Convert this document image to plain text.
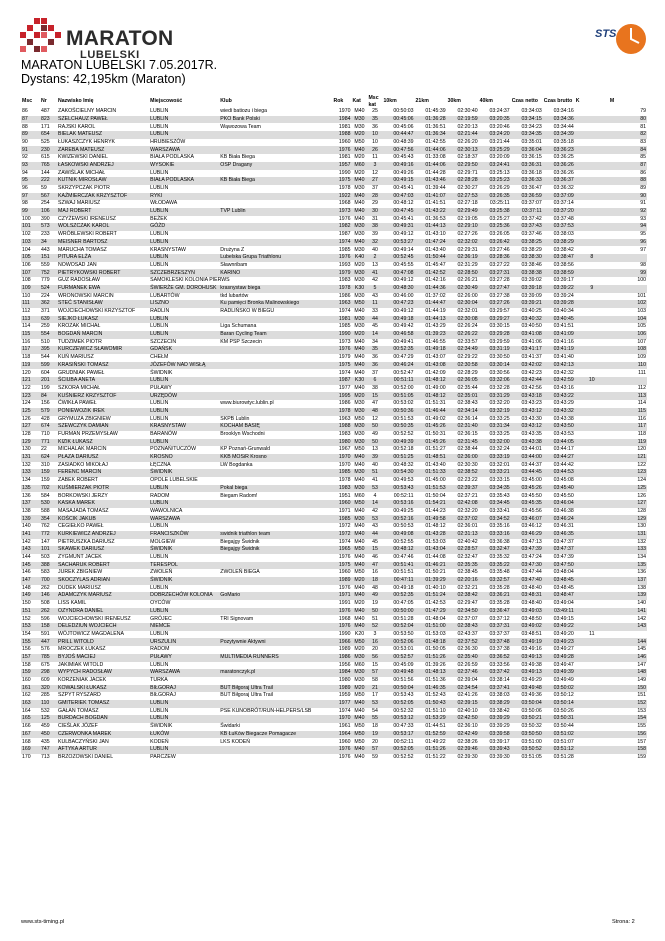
MARATON
LUBELSKI
STS
MARATON LUBELSKI 7.05.2017R.
Dystans: 42,195km (Maraton)
Msc	Nr	Nazwisko Imię	Miejscowość	Klub	Rok	Kat	Msc kat	10km	21km	30km	40km	Czas netto	Czas brutto	K	M
86	487	ZAKOŚCIELNY MARCIN	LUBLIN	wiedi batiozu i biega	1970	M40	25	00:50:03	01:45:39	02:30:40	03:24:37	03:34:03	03:34:16		79
87	823	SZELCHAUZ PAWEŁ	LUBLIN	PKO Bank Polski	1984	M30	35	00:45:06	01:36:28	02:19:59	03:20:35	03:34:15	03:34:36		80
88	171	RAJSKI KAROL	LUBLIN	Wąwozowa Team	1981	M30	36	00:45:06	01:36:51	02:20:13	03:20:46	03:34:23	03:34:44		81
89	654	BIELAK MATEUSZ	LUBLIN		1988	M20	10	00:44:47	01:36:34	02:21:44	03:24:20	03:34:35	03:34:39		82
90	525	ŁUKASZCZYK HENRYK	HRUBIESZÓW		1960	M50	10	00:48:39	01:42:55	02:26:20	03:21:44	03:35:01	03:35:18		83
91	230	ZAREBA MATEUSZ	WARSZAWA		1976	M40	26	00:47:56	01:44:06	02:30:13	03:25:29	03:36:04	03:36:23		84
92	615	KWIZEWSKI DANIEL	BIAŁA PODLASKA	KB Biała Biega	1981	M20	11	00:45:43	01:33:08	02:18:37	03:20:09	03:36:15	03:36:25		85
93	765	ŁASKOWSKI ANDRZEJ	WYSOKIE	OSP Dragany	1957	M60	3	00:49:16	01:44:06	02:29:50	03:24:41	03:36:31	03:36:26		87
94	144	ZAWIŚLAK MICHAŁ	LUBLIN		1990	M20	12	00:49:26	01:44:28	02:29:71	03:25:13	03:36:18	03:36:26		86
95	222	KUTNIK MIROSŁAW	BIAŁA PODLASKA	KB Biała Biega	1975	M40	27	00:49:15	01:43:46	02:28:28	03:25:23	03:36:33	03:36:37		88
96	59	SKRZYPCZAK PIOTR	LUBLIN		1978	M30	37	00:45:41	01:39:44	02:30:27	03:26:29	03:36:47	03:36:32		89
97	567	KAŹMIERCZAK KRZYSZTOF	RYKI		1922	M40	28	00:47:03	01:41:07	02:27:53	03:26:35	03:36:59	03:37:09		90
98	254	SZWAJ MARIUSZ	WŁODAWA		1968	M40	29	00:48:12	01:41:51	02:27:18	03:25:11	03:37:07	03:37:14		91
99	106	MAJ ROBERT	LUBLIN	TVP Lublin	1973	M40	30	00:47:45	01:43:22	02:29:49	03:25:38	03:37:11	03:37:20		92
100	390	CZYŻEWSKI IRENEUSZ	BEŻEK		1976	M40	31	00:45:41	01:36:53	02:19:05	03:25:27	03:37:42	03:37:48		93
101	573	WOLSZCZAK KAROL	GÓŻD		1982	M30	38	00:49:31	01:44:13	02:29:10	03:25:36	03:37:43	03:37:53		94
102	233	WRÓBLEWSKI ROBERT	LUBLIN		1987	M30	39	00:49:12	01:43:10	02:27:26	03:26:05	03:37:46	03:38:03		95
103	34	MEISNER BARTOSZ	LUBLIN		1974	M40	32	00:53:27	01:47:24	02:32:02	03:26:42	03:38:25	03:38:29		96
104	443	MARUCHA TOMASZ	KRASNYSTAW	Drużyna Z	1985	M30	40	00:49:14	01:43:40	02:29:31	03:27:46	03:38:29	03:38:42		97
105	151	PITURA ELŻA	LUBLIN	Lubelska Grupa Triathlonu	1976	K40	2	00:52:45	01:50:44	02:36:19	03:28:36	03:38:30	03:38:47	8	
106	559	NOWOSAD JAN	LUBLIN	Sławnribam	1993	M20	13	00:45:55	01:45:47	02:31:29	03:27:22	03:38:46	03:38:56		98
107	752	PIETRYKOWSKI ROBERT	SZCZEBRZESZYN	KARINO	1979	M30	41	00:47:08	01:42:52	02:28:50	03:27:31	03:38:38	03:38:59		99
108	779	GUZ RADOSŁAW	SAMOKLESKI KOLONIA PIERWS		1983	M30	42	00:49:12	01:42:16	02:26:21	03:27:28	03:39:02	03:39:17		100
109	524	FURMANEK EWA	ŚWIERŻE GM. DOROHUSK	krasnystaw biega	1978	K30	5	00:48:30	01:44:36	02:30:49	03:27:47	03:39:18	03:39:22	9	
110	224	WRONOWSKI MARCIN	LUBARTÓW	tkd lubartów	1986	M30	43	00:46:00	01:37:02	02:26:00	03:27:38	03:39:09	03:39:24		101
111	362	STEĆ STANISŁAW	LISZNO	Ku pamięci Bronka Malinowskiego	1963	M50	11	00:47:23	01:44:47	02:30:04	03:27:26	03:39:21	03:39:28		102
112	371	WOJCIECHOWSKI KRZYSZTOF	RADLIN	RADLIŃSKO W BIEGU	1974	M40	33	00:49:12	01:44:19	02:32:01	03:29:57	03:40:25	03:40:34		103
113	639	SIEJKO ŁUKASZ	LUBLIN		1981	M30	44	00:49:18	01:44:13	02:30:08	03:29:27	03:40:32	03:40:45		104
114	259	KROZAK MICHAŁ	LUBLIN	Liga Schumana	1985	M30	45	00:49:42	01:43:29	02:26:24	03:30:15	03:40:50	03:41:51		105
115	554	BOGDAŃ MARCIN	LUBLIN	Baran Cycling Team	1990	M20	14	00:46:58	01:39:23	02:26:22	03:29:28	03:41:08	03:41:09		106
116	510	TUDZIMEK PIOTR	SZCZECIN	KM PSP Szczecin	1973	M40	34	00:49:41	01:46:55	02:33:57	03:29:59	03:41:06	03:41:16		107
117	395	KURCZEWICZ SŁAWOMIR	GDAŃSK		1976	M40	35	00:52:35	01:49:18	02:34:49	03:31:19	03:41:17	03:41:19		108
118	544	KUŃ MARIUSZ	CHEŁM		1979	M40	36	00:47:29	01:43:07	02:29:22	03:30:50	03:41:37	03:41:40		109
119	599	KRASIŃSKI TOMASZ	JÓZEFÓW NAD WISŁĄ		1975	M40	36	00:46:24	01:43:08	02:30:58	03:30:14	03:42:02	03:42:13		110
120	604	GRUDNIAK PAWEŁ	ŚWIDNIK		1974	M40	37	00:52:47	01:42:09	02:28:29	03:30:56	03:42:23	03:42:32		111
121	201	ŚCIUBA ANETA	LUBLIN		1987	K30	6	00:51:11	01:48:12	02:36:05	03:32:06	03:42:44	03:42:59	10	
122	199	SZKORA MICHAŁ	PUŁAWY		1977	M40	38	00:52:00	01:49:00	02:35:44	03:32:28	03:42:56	03:43:16		112
123	84	KUŚNIERZ KRZYSZTOF	URZĘDÓW		1995	M20	15	00:51:05	01:48:12	02:35:01	03:31:29	03:43:18	03:43:22		113
124	156	ĆWIKŁA PAWEŁ	LUBLIN	www.biurowtyc.lublin.pl	1986	M30	47	00:53:02	01:51:31	02:38:43	03:32:20	03:43:23	03:43:29		114
125	579	PONIEWOZIK IREK	LUBLIN		1978	M30	48	00:50:36	01:46:44	02:34:14	03:32:19	03:43:12	03:43:32		115
126	428	GRYMUZA ZBIGNIEW	LUBLIN	SKPB Lublin	1963	M50	12	00:51:53	01:49:02	02:36:14	03:33:25	03:43:30	03:43:38		116
127	674	SZEWCZYK DAMIAN	KRASNYSTAW	KOCHAM BASIĘ	1988	M30	50	00:50:35	01:45:26	02:31:40	03:31:34	03:43:12	03:43:50		117
128	710	FURMAN PRZEMYSŁAW	BARANÓW	Brooklyn Wschodni	1983	M30	49	00:52:52	01:50:31	02:36:15	03:33:25	03:43:35	03:43:53		118
129	771	KIZIK ŁUKASZ	LUBLIN		1980	M30	50	00:49:39	01:45:26	02:31:45	03:32:00	03:43:38	03:44:05		119
130	22	MICHALAK MARCIN	POZNAŃ/TUCZÓW	KP Poznań-Grunwald	1967	M50	13	00:52:18	01:51:27	02:38:44	03:32:24	03:44:01	03:44:17		120
131	624	PŁAZA DARIUSZ	KROSNO	KKB MOSiR Krosno	1970	M40	39	00:51:25	01:48:51	02:36:00	03:33:19	03:44:00	03:44:27		121
132	310	ZASIADKO MIKOŁAJ	ŁĘCZNA	LW Bogdanka	1970	M40	40	00:48:32	01:43:40	02:30:30	03:32:01	03:44:37	03:44:42		122
133	159	FERENC MARCIN	ŚWIDNIK		1985	M30	51	00:54:30	01:51:33	02:38:52	03:33:21	03:44:45	03:44:53		123
134	159	ZABEK ROBERT	OPOLE LUBELSKIE		1978	M40	41	00:49:53	01:45:00	02:23:22	03:33:15	03:45:00	03:45:08		124
135	702	KUŚMIERZAK PIOTR	LUBLIN	Pokal biega	1983	M30	53	00:53:43	01:51:53	02:39:37	03:34:35	03:45:26	03:45:40		125
136	584	BORKOWSKI JERZY	RADOM	Biegam Radom!	1951	M60	4	00:52:11	01:50:04	02:37:21	03:35:43	03:45:50	03:45:50		126
137	530	KASKA MAREK	LUBLIN		1960	M50	14	00:53:16	01:54:21	02:42:08	03:34:45	03:45:35	03:46:04		127
138	588	MASAJADA TOMASZ	WAWOLNICA		1971	M40	42	00:49:25	01:44:23	02:32:20	03:33:41	03:45:56	03:46:38		128
139	354	KOŚCIK JAKUB	WARSZAWA		1985	M30	53	00:52:16	01:49:58	02:37:02	03:34:52	03:46:07	03:46:24		129
140	762	CEGIEŁKO PAWEŁ	LUBLIN		1972	M40	43	00:50:53	01:48:12	02:36:01	03:35:16	03:46:12	03:46:31		130
141	772	KURKIEWICZ ANDRZEJ	FRANCISZKÓW	swidnik triathlon team	1972	M40	44	00:49:08	01:43:28	02:31:13	03:33:16	03:46:29	03:46:35		131
142	147	PIETRUSZKA DARIUSZ	MOLGIEW	Biegajgy Świdnik	1974	M40	45	00:52:55	01:53:03	02:40:42	03:36:38	03:47:13	03:47:37		132
143	101	SKAWEK DARIUSZ	ŚWIDNIK	Biegajgy Świdnik	1965	M50	15	00:48:12	01:43:04	02:28:57	03:32:47	03:47:39	03:47:37		133
144	503	ZYGMUNT JACEK	LUBLIN		1976	M40	46	00:47:46	01:44:08	02:32:47	03:35:32	03:47:24	03:47:39		134
145	388	SACHARUK ROBERT	TERESPOL		1975	M40	47	00:51:41	01:46:21	02:35:35	03:35:22	03:47:30	03:47:50		135
146	583	JUREK ZBIGNIEW	ZWOLEŃ	ZWOLEŃ BIEGA	1960	M50	16	00:51:51	01:50:21	02:38:45	03:35:48	03:47:44	03:48:04		136
147	700	SKOCZYLAS ADRIAN	ŚWIDNIK		1989	M20	18	00:47:11	01:39:29	02:20:16	03:32:57	03:47:40	03:48:45		137
148	262	DUDEK MARIUSZ	LUBLIN		1976	M40	48	00:49:18	01:40:10	02:32:21	03:35:28	03:48:40	03:48:45		138
149	146	ADAMCZYK MARIUSZ	DOBRZECHÓW KOLONIA	GoMario	1971	M40	49	00:52:35	01:51:24	02:38:42	03:36:21	03:48:31	03:48:47		139
150	508	LISS KAMIL	OYCÓW		1991	M20	19	00:47:05	01:42:53	02:29:47	03:35:28	03:48:40	03:49:04		140
151	262	OZYNDRA DANIEL	LUBLIN		1976	M40	50	00:50:00	01:47:29	02:34:50	03:36:47	03:49:03	03:49:11		141
152	596	WOJCIECHOWSKI IRENEUSZ	GRÓJEC	TRI Signovam	1968	M40	51	00:51:28	01:48:04	02:37:07	03:37:12	03:48:50	03:49:15		142
153	158	DELEDZIUN WOJCIECH	NIEMCE		1976	M40	52	00:52:04	01:51:00	02:38:43	03:37:31	03:49:02	03:49:22		143
154	591	WÓJTOWICZ MAGDALENA	LUBLIN		1990	K20	3	00:53:50	01:53:03	02:43:37	03:37:37	03:48:51	03:49:20	11	
155	447	PRILL WITOLD	URSZULIN	Pozytywnie Aktywni	1966	M50	16	00:52:06	01:48:18	02:37:52	03:37:48	03:49:19	03:49:23		144
156	576	MROCZEK ŁUKASZ	RADOM		1989	M20	20	00:53:01	01:50:05	02:36:30	03:37:38	03:49:16	03:49:27		145
157	785	BYJOŚ MACIEJ	PUŁAWY	MULTIMEDIA RUNNERS	1986	M30	56	00:52:57	01:51:26	02:35:40	03:36:52	03:49:13	03:49:28		146
158	675	JAKIMIAK WITOLD	LUBLIN		1956	M60	15	00:45:09	01:39:26	02:26:59	03:33:56	03:49:38	03:49:47		147
159	298	WYPYCH RADOSŁAW	WARSZAWA	maratonczyk.pl	1984	M30	57	00:49:48	01:48:13	02:37:46	03:37:42	03:49:13	03:49:39		148
160	609	KORZENIAK JACEK	TURKA		1980	M30	58	00:51:56	01:51:36	02:39:04	03:38:14	03:49:29	03:49:49		149
161	320	KOWALSKI ŁUKASZ	BIŁGORAJ	BUT Biłgoraj Ultra Trail	1989	M20	21	00:50:04	01:46:35	02:34:54	03:37:41	03:49:48	03:50:02		150
162	285	SZPYT RYSZARD	BIŁGORAJ	BUT Biłgoraj Ultra Trail	1959	M50	17	00:53:43	01:52:43	02:41:26	03:38:03	03:49:36	03:50:12		151
163	110	GMITERIEK TOMASZ	LUBLIN		1977	M40	53	00:52:05	01:50:43	02:39:15	03:38:29	03:50:04	03:50:14		152
164	532	GAŁAN TOMASZ	LUBLIN	PSE KUNOBRÓT/RUN-HELPERS/LSB	1974	M40	54	00:52:32	01:51:10	02:40:10	03:38:42	03:50:06	03:50:26		153
165	125	BURDACH BOGDAN	LUBLIN		1970	M40	55	00:53:12	01:53:29	02:42:50	03:39:29	03:50:21	03:50:31		154
166	459	CIEŚLAK JÓZEF	ŚWIDNIK	Świdarki	1961	M50	18	00:47:33	01:44:51	02:36:10	03:39:29	03:50:32	03:50:44		155
167	450	CZERWONKA MAREK	ŁUKÓW	KB ŁuKów Biegacze Pomagacze	1964	M50	19	00:53:17	01:52:59	02:42:49	03:39:58	03:50:50	03:51:02		156
168	435	KULBACZYŃSKI JAN	KODEŃ	LKS KODEŃ	1960	M50	20	00:52:11	01:49:22	02:38:26	03:39:17	03:51:00	03:51:07		157
169	747	AFTYKA ARTUR	LUBLIN		1976	M40	57	00:52:05	01:51:26	02:39:46	03:39:43	03:50:52	03:51:12		158
170	713	BRZOZOWSKI DANIEL	PARCZEW		1976	M40	59	00:52:52	01:51:22	02:39:30	03:39:30	03:51:05	03:51:28		159
www.sts-timing.pl	Strona: 2
